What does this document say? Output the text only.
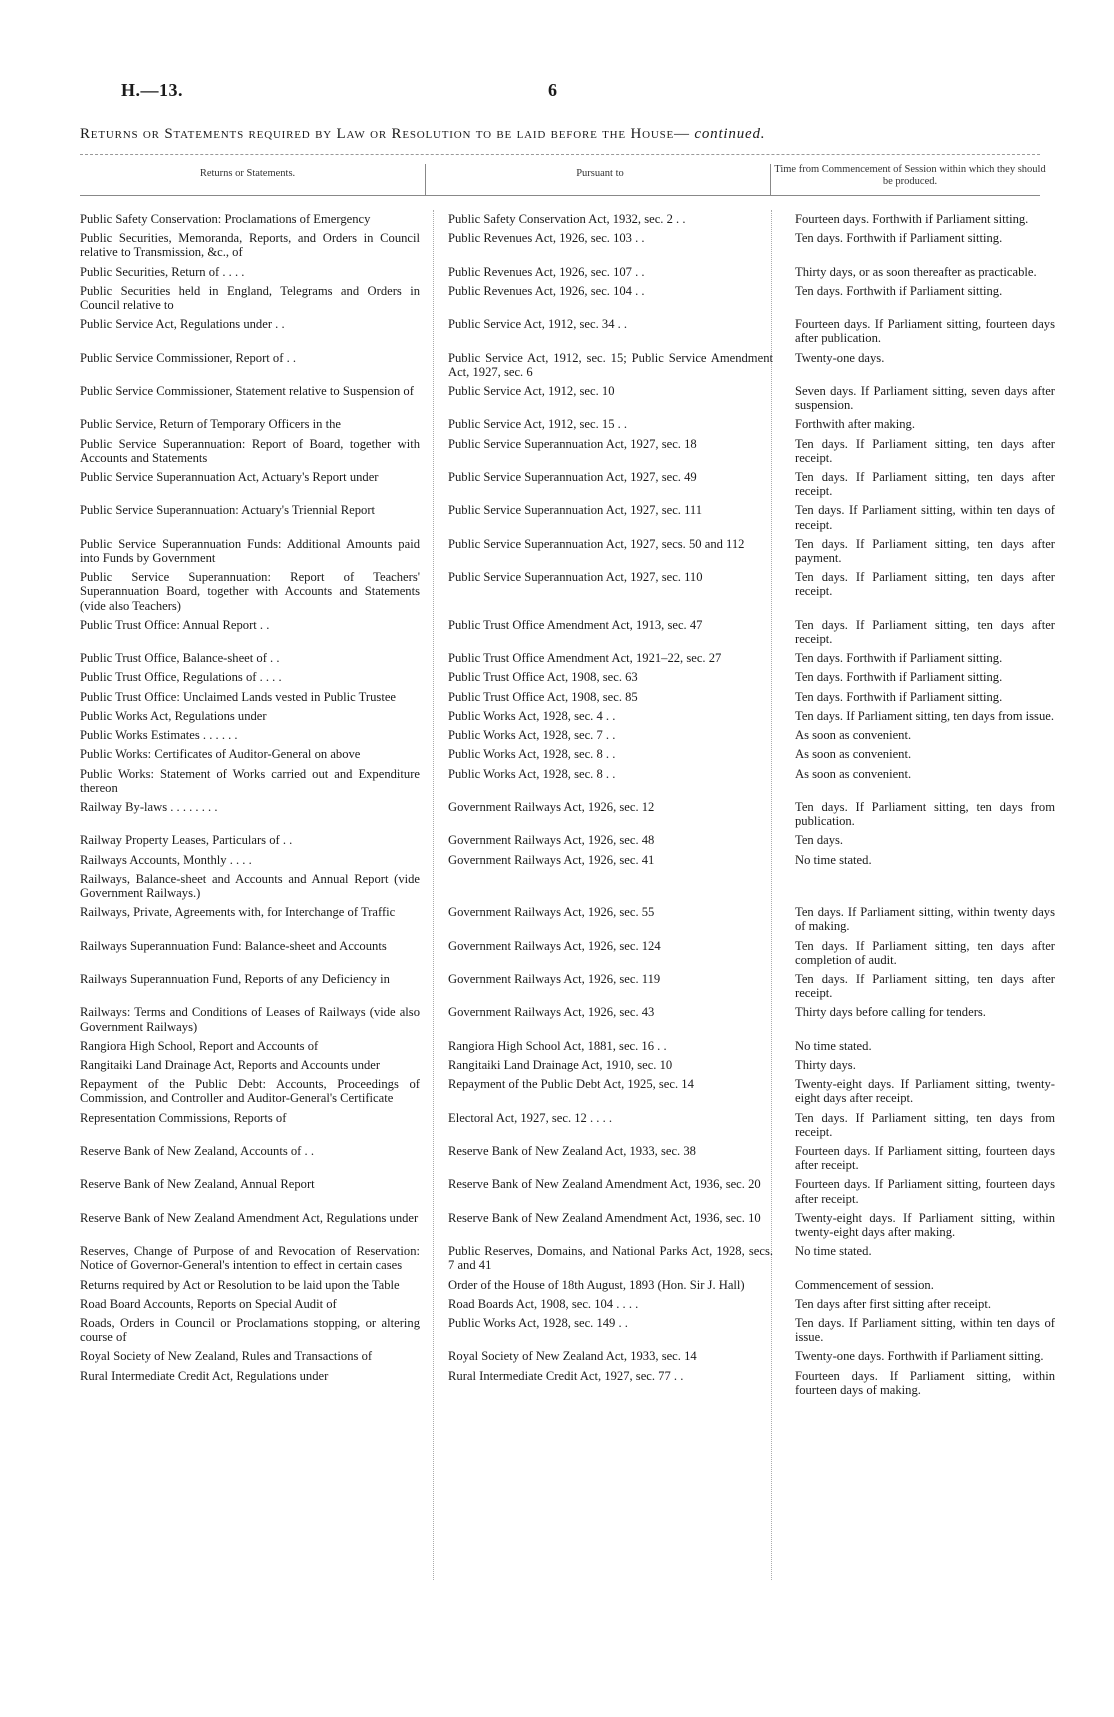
H.—13.	6
Returns or Statements required by Law or Resolution to be laid before the House— continued.
Returns or Statements.	Pursuant to	Time from Commencement of Session within which they should be produced.
Public Safety Conservation: Proclamations of Emergency	Public Safety Conservation Act, 1932, sec. 2 . .	Fourteen days. Forthwith if Parliament sitting.
Public Securities, Memoranda, Reports, and Orders in Council relative to Transmission, &c., of	Public Revenues Act, 1926, sec. 103 . .	Ten days. Forthwith if Parliament sitting.
Public Securities, Return of . . . .	Public Revenues Act, 1926, sec. 107 . .	Thirty days, or as soon thereafter as practicable.
Public Securities held in England, Telegrams and Orders in Council relative to	Public Revenues Act, 1926, sec. 104 . .	Ten days. Forthwith if Parliament sitting.
Public Service Act, Regulations under . .	Public Service Act, 1912, sec. 34 . .	Fourteen days. If Parliament sitting, fourteen days after publication.
Public Service Commissioner, Report of . .	Public Service Act, 1912, sec. 15; Public Service Amendment Act, 1927, sec. 6	Twenty-one days.
Public Service Commissioner, Statement relative to Suspension of	Public Service Act, 1912, sec. 10	Seven days. If Parliament sitting, seven days after suspension.
Public Service, Return of Temporary Officers in the	Public Service Act, 1912, sec. 15 . .	Forthwith after making.
Public Service Superannuation: Report of Board, together with Accounts and Statements	Public Service Superannuation Act, 1927, sec. 18	Ten days. If Parliament sitting, ten days after receipt.
Public Service Superannuation Act, Actuary's Report under	Public Service Superannuation Act, 1927, sec. 49	Ten days. If Parliament sitting, ten days after receipt.
Public Service Superannuation: Actuary's Triennial Report	Public Service Superannuation Act, 1927, sec. 111	Ten days. If Parliament sitting, within ten days of receipt.
Public Service Superannuation Funds: Additional Amounts paid into Funds by Government	Public Service Superannuation Act, 1927, secs. 50 and 112	Ten days. If Parliament sitting, ten days after payment.
Public Service Superannuation: Report of Teachers' Superannuation Board, together with Accounts and Statements (vide also Teachers)	Public Service Superannuation Act, 1927, sec. 110	Ten days. If Parliament sitting, ten days after receipt.
Public Trust Office: Annual Report . .	Public Trust Office Amendment Act, 1913, sec. 47	Ten days. If Parliament sitting, ten days after receipt.
Public Trust Office, Balance-sheet of . .	Public Trust Office Amendment Act, 1921–22, sec. 27	Ten days. Forthwith if Parliament sitting.
Public Trust Office, Regulations of . . . .	Public Trust Office Act, 1908, sec. 63	Ten days. Forthwith if Parliament sitting.
Public Trust Office: Unclaimed Lands vested in Public Trustee	Public Trust Office Act, 1908, sec. 85	Ten days. Forthwith if Parliament sitting.
Public Works Act, Regulations under	Public Works Act, 1928, sec. 4 . .	Ten days. If Parliament sitting, ten days from issue.
Public Works Estimates . . . . . .	Public Works Act, 1928, sec. 7 . .	As soon as convenient.
Public Works: Certificates of Auditor-General on above	Public Works Act, 1928, sec. 8 . .	As soon as convenient.
Public Works: Statement of Works carried out and Expenditure thereon	Public Works Act, 1928, sec. 8 . .	As soon as convenient.
Railway By-laws . . . . . . . .	Government Railways Act, 1926, sec. 12	Ten days. If Parliament sitting, ten days from publication.
Railway Property Leases, Particulars of . .	Government Railways Act, 1926, sec. 48	Ten days.
Railways Accounts, Monthly . . . .	Government Railways Act, 1926, sec. 41	No time stated.
Railways, Balance-sheet and Accounts and Annual Report (vide Government Railways.)		
Railways, Private, Agreements with, for Interchange of Traffic	Government Railways Act, 1926, sec. 55	Ten days. If Parliament sitting, within twenty days of making.
Railways Superannuation Fund: Balance-sheet and Accounts	Government Railways Act, 1926, sec. 124	Ten days. If Parliament sitting, ten days after completion of audit.
Railways Superannuation Fund, Reports of any Deficiency in	Government Railways Act, 1926, sec. 119	Ten days. If Parliament sitting, ten days after receipt.
Railways: Terms and Conditions of Leases of Railways (vide also Government Railways)	Government Railways Act, 1926, sec. 43	Thirty days before calling for tenders.
Rangiora High School, Report and Accounts of	Rangiora High School Act, 1881, sec. 16 . .	No time stated.
Rangitaiki Land Drainage Act, Reports and Accounts under	Rangitaiki Land Drainage Act, 1910, sec. 10	Thirty days.
Repayment of the Public Debt: Accounts, Proceedings of Commission, and Controller and Auditor-General's Certificate	Repayment of the Public Debt Act, 1925, sec. 14	Twenty-eight days. If Parliament sitting, twenty-eight days after receipt.
Representation Commissions, Reports of	Electoral Act, 1927, sec. 12 . . . .	Ten days. If Parliament sitting, ten days from receipt.
Reserve Bank of New Zealand, Accounts of . .	Reserve Bank of New Zealand Act, 1933, sec. 38	Fourteen days. If Parliament sitting, fourteen days after receipt.
Reserve Bank of New Zealand, Annual Report	Reserve Bank of New Zealand Amendment Act, 1936, sec. 20	Fourteen days. If Parliament sitting, fourteen days after receipt.
Reserve Bank of New Zealand Amendment Act, Regulations under	Reserve Bank of New Zealand Amendment Act, 1936, sec. 10	Twenty-eight days. If Parliament sitting, within twenty-eight days after making.
Reserves, Change of Purpose of and Revocation of Reservation: Notice of Governor-General's intention to effect in certain cases	Public Reserves, Domains, and National Parks Act, 1928, secs. 7 and 41	No time stated.
Returns required by Act or Resolution to be laid upon the Table	Order of the House of 18th August, 1893 (Hon. Sir J. Hall)	Commencement of session.
Road Board Accounts, Reports on Special Audit of	Road Boards Act, 1908, sec. 104 . . . .	Ten days after first sitting after receipt.
Roads, Orders in Council or Proclamations stopping, or altering course of	Public Works Act, 1928, sec. 149 . .	Ten days. If Parliament sitting, within ten days of issue.
Royal Society of New Zealand, Rules and Transactions of	Royal Society of New Zealand Act, 1933, sec. 14	Twenty-one days. Forthwith if Parliament sitting.
Rural Intermediate Credit Act, Regulations under	Rural Intermediate Credit Act, 1927, sec. 77 . .	Fourteen days. If Parliament sitting, within fourteen days of making.
